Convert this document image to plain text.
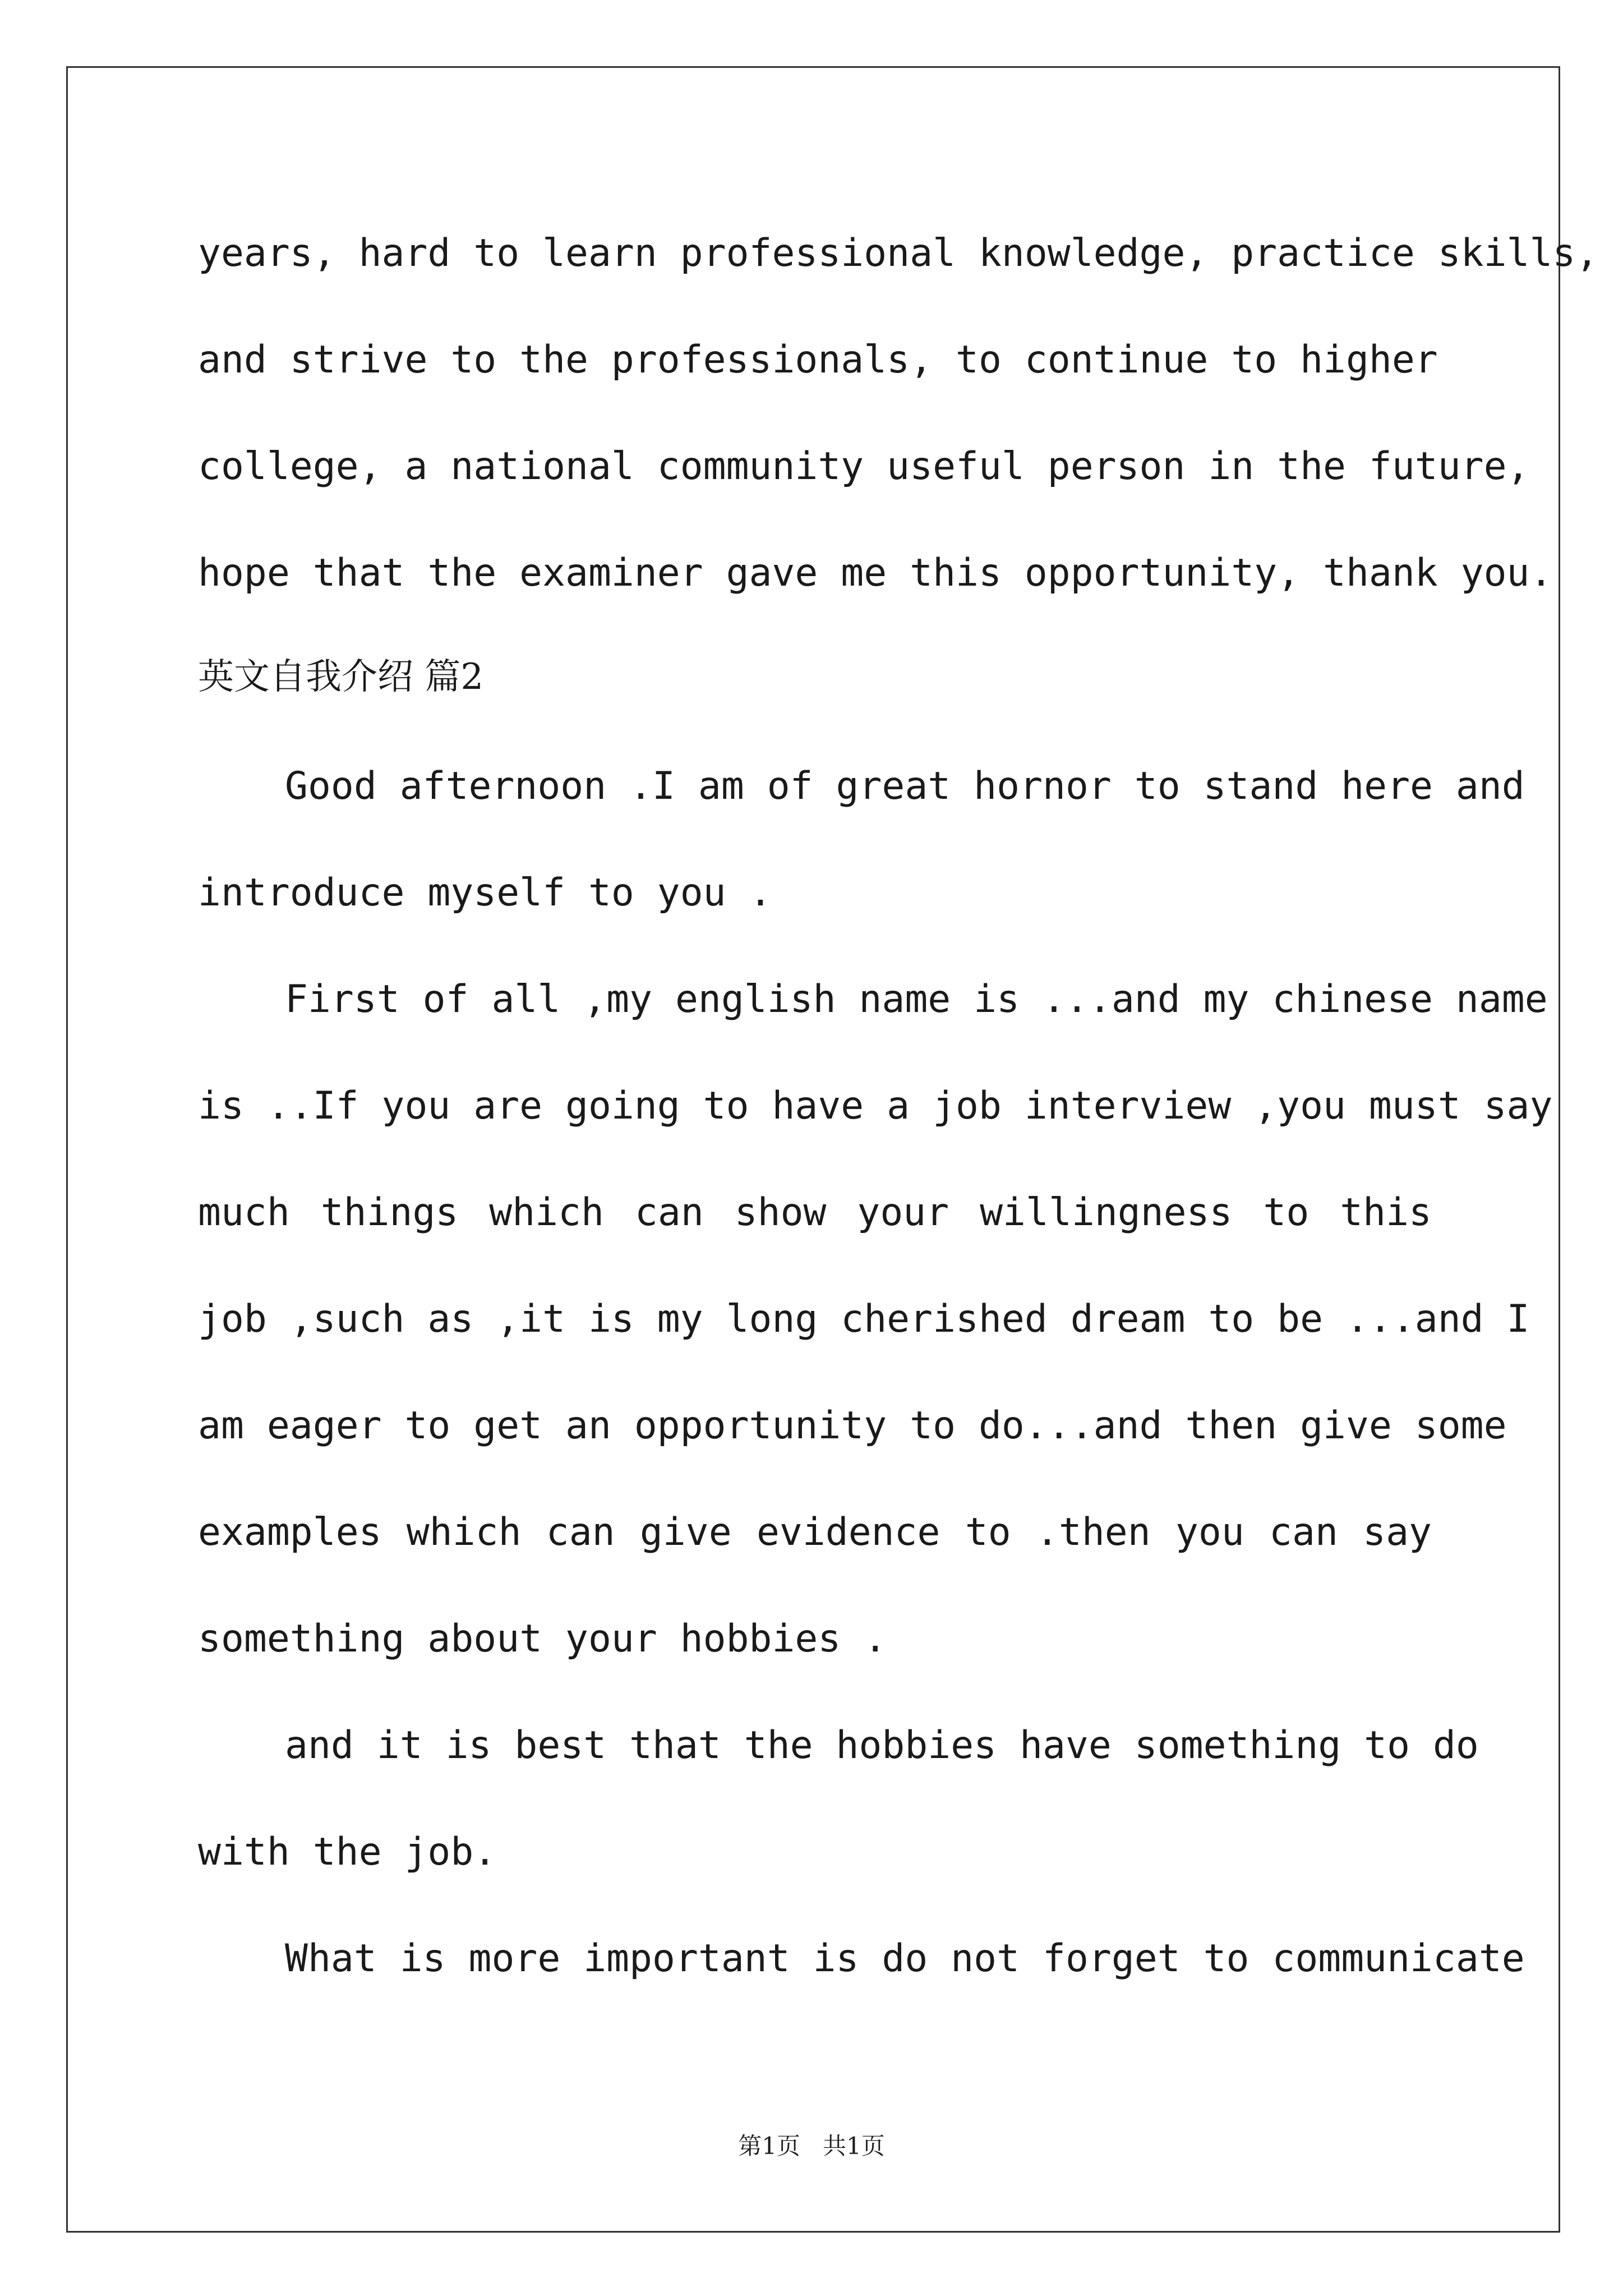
years, hard to learn professional knowledge, practice skills,
and strive to the professionals, to continue to higher
college, a national community useful person in the future,
hope that the examiner gave me this opportunity, thank you.
英文自我介绍 篇2
Good afternoon .I am of great hornor to stand here and
introduce myself to you .
First of all ,my english name is ...and my chinese name
is ..If you are going to have a job interview ,you must say
much things which can show your willingness to this
job ,such as ,it is my long cherished dream to be ...and I
am eager to get an opportunity to do...and then give some
examples which can give evidence to .then you can say
something about your hobbies .
and it is best that the hobbies have something to do
with the job.
What is more important is do not forget to communicate
第1页   共1页
